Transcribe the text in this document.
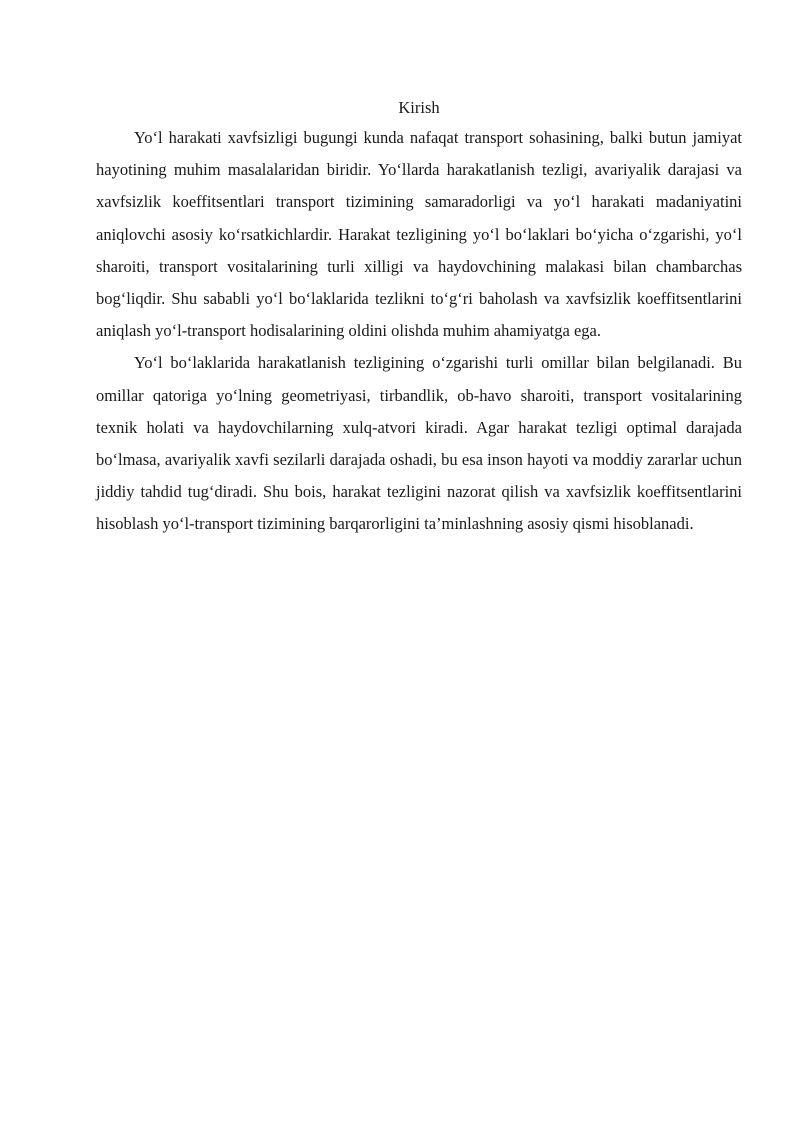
Kirish

Yo‘l harakati xavfsizligi bugungi kunda nafaqat transport sohasining, balki butun jamiyat hayotining muhim masalalaridan biridir. Yo‘llarda harakatlanish tezligi, avariyalik darajasi va xavfsizlik koeffitsentlari transport tizimining samaradorligi va yo‘l harakati madaniyatini aniqlovchi asosiy ko‘rsatkichlardir. Harakat tezligining yo‘l bo‘laklari bo‘yicha o‘zgarishi, yo‘l sharoiti, transport vositalarining turli xilligi va haydovchining malakasi bilan chambarchas bog‘liqdir. Shu sababli yo‘l bo‘laklarida tezlikni to‘g‘ri baholash va xavfsizlik koeffitsentlarini aniqlash yo‘l-transport hodisalarining oldini olishda muhim ahamiyatga ega.

Yo‘l bo‘laklarida harakatlanish tezligining o‘zgarishi turli omillar bilan belgilanadi. Bu omillar qatoriga yo‘lning geometriyasi, tirbandlik, ob-havo sharoiti, transport vositalarining texnik holati va haydovchilarning xulq-atvori kiradi. Agar harakat tezligi optimal darajada bo‘lmasa, avariyalik xavfi sezilarli darajada oshadi, bu esa inson hayoti va moddiy zararlar uchun jiddiy tahdid tug‘diradi. Shu bois, harakat tezligini nazorat qilish va xavfsizlik koeffitsentlarini hisoblash yo‘l-transport tizimining barqarorligini ta’minlashning asosiy qismi hisoblanadi.
